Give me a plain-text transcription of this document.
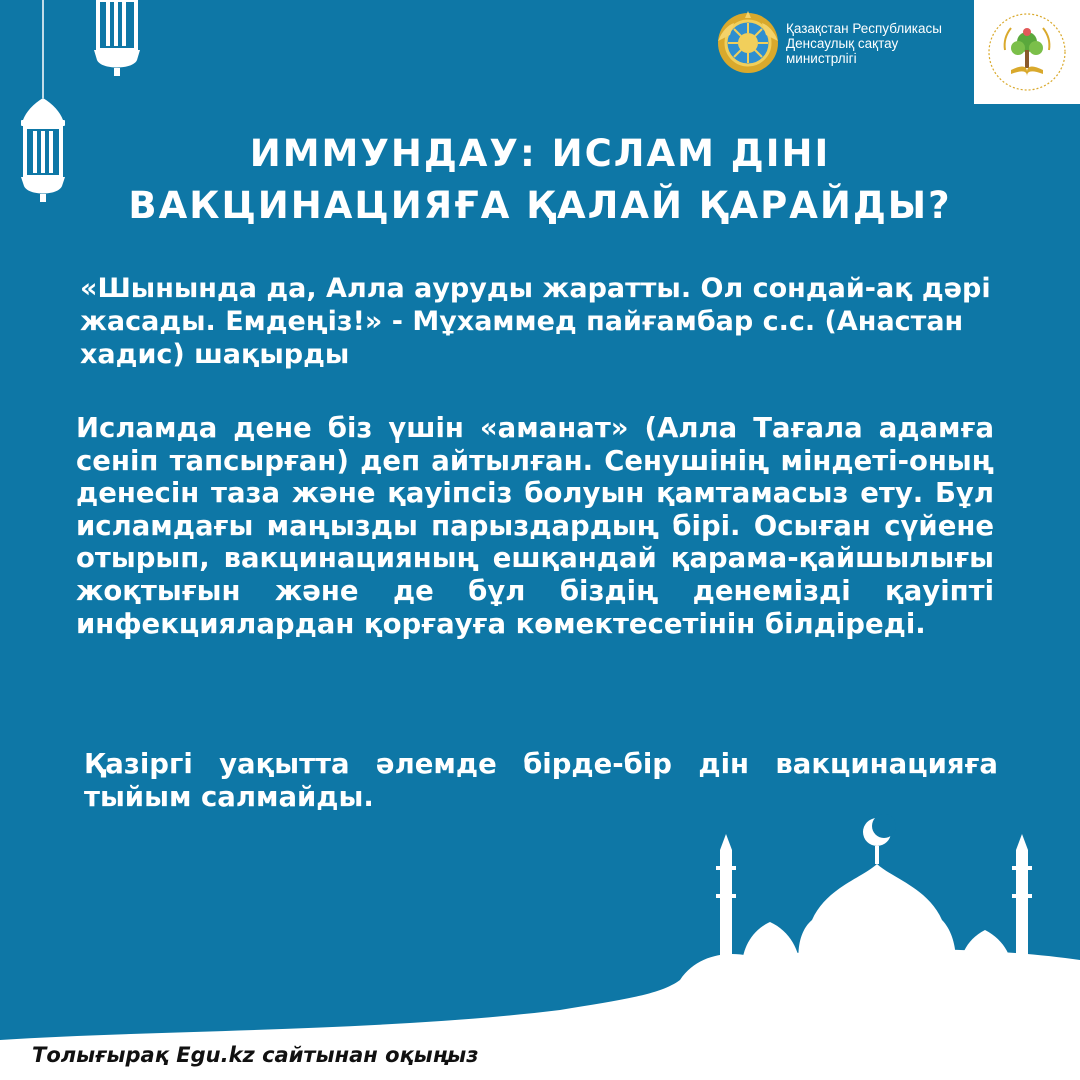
Қазақстан Республикасы
Денсаулық сақтау
министрлігі
ИММУНДАУ: ИСЛАМ ДІНІ
ВАКЦИНАЦИЯҒА ҚАЛАЙ ҚАРАЙДЫ?
«Шынында да, Алла ауруды жаратты. Ол сондай-ақ дәрі жасады. Емдеңіз!» - Мұхаммед пайғамбар с.с. (Анастан хадис) шақырды
Исламда дене біз үшін «аманат» (Алла Тағала адамға сеніп тапсырған) деп айтылған. Сенушінің міндеті-оның денесін таза және қауіпсіз болуын қамтамасыз ету. Бұл исламдағы маңызды парыздардың бірі. Осыған сүйене отырып, вакцинацияның ешқандай қарама-қайшылығы жоқтығын және де бұл біздің денемізді қауіпті инфекциялардан қорғауға көмектесетінін білдіреді.
Қазіргі уақытта әлемде бірде-бір дін вакцинацияға тыйым салмайды.
Толығырақ Egu.kz сайтынан оқыңыз
